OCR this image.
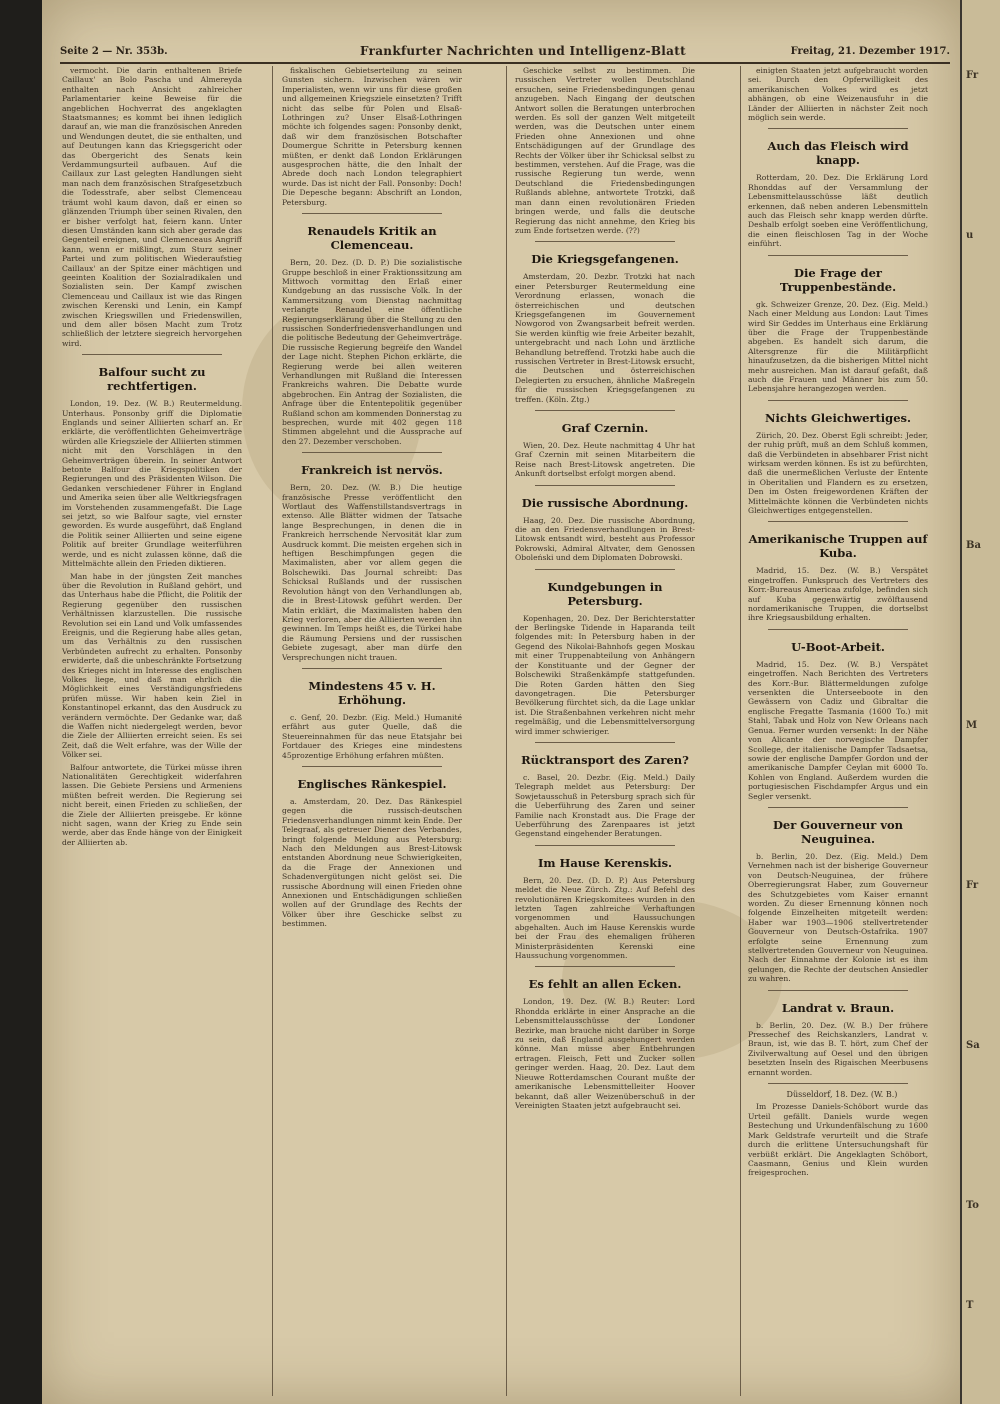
Fr
u
Ba
M
Fr
Sa
To
T
Seite 2 — Nr. 353b.	Frankfurter Nachrichten und Intelligenz-Blatt	Freitag, 21. Dezember 1917.

vermocht. Die darin enthaltenen Briefe Caillaux' an Bolo Pascha und Almereyda enthalten nach Ansicht zahlreicher Parlamentarier keine Beweise für die angeblichen Hochverrat des angeklagten Staatsmannes; es kommt bei ihnen lediglich darauf an, wie man die französischen Anreden und Wendungen deutet, die sie enthalten, und auf Deutungen kann das Kriegsgericht oder das Obergericht des Senats kein Verdammungsurteil aufbauen. Auf die Caillaux zur Last gelegten Handlungen sieht man nach dem französischen Strafgesetzbuch die Todesstrafe, aber selbst Clemenceau träumt wohl kaum davon, daß er einen so glänzenden Triumph über seinen Rivalen, den er bisher verfolgt hat, feiern kann. Unter diesen Umständen kann sich aber gerade das Gegenteil ereignen, und Clemenceaus Angriff kann, wenn er mißlingt, zum Sturz seiner Partei und zum politischen Wiederaufstieg Caillaux' an der Spitze einer mächtigen und geeinten Koalition der Sozialradikalen und Sozialisten sein. Der Kampf zwischen Clemenceau und Caillaux ist wie das Ringen zwischen Kerenski und Lenin, ein Kampf zwischen Kriegswillen und Friedenswillen, und dem aller bösen Macht zum Trotz schließlich der letztere siegreich hervorgehen wird.

Balfour sucht zu rechtfertigen.

London, 19. Dez. (W. B.) Reutermeldung. Unterhaus. Ponsonby griff die Diplomatie Englands und seiner Alliierten scharf an. Er erklärte, die veröffentlichten Geheimverträge würden alle Kriegsziele der Alliierten stimmen nicht mit den Vorschlägen in den Geheimverträgen überein. In seiner Antwort betonte Balfour die Kriegspolitiken der Regierungen und des Präsidenten Wilson. Die Gedanken verschiedener Führer in England und Amerika seien über alle Weltkriegsfragen im Vorstehenden zusammengefaßt. Die Lage sei jetzt, so wie Balfour sagte, viel ernster geworden. Es wurde ausgeführt, daß England die Politik seiner Alliierten und seine eigene Politik auf breiter Grundlage weiterführen werde, und es nicht zulassen könne, daß die Mittelmächte allein den Frieden diktieren.

Man habe in der jüngsten Zeit manches über die Revolution in Rußland gehört, und das Unterhaus habe die Pflicht, die Politik der Regierung gegenüber den russischen Verhältnissen klarzustellen. Die russische Revolution sei ein Land und Volk umfassendes Ereignis, und die Regierung habe alles getan, um das Verhältnis zu den russischen Verbündeten aufrecht zu erhalten. Ponsonby erwiderte, daß die unbeschränkte Fortsetzung des Krieges nicht im Interesse des englischen Volkes liege, und daß man ehrlich die Möglichkeit eines Verständigungsfriedens prüfen müsse. Wir haben kein Ziel in Konstantinopel erkannt, das den Ausdruck zu verändern vermöchte. Der Gedanke war, daß die Waffen nicht niedergelegt werden, bevor die Ziele der Alliierten erreicht seien. Es sei Zeit, daß die Welt erfahre, was der Wille der Völker sei.

Balfour antwortete, die Türkei müsse ihren Nationalitäten Gerechtigkeit widerfahren lassen. Die Gebiete Persiens und Armeniens müßten befreit werden. Die Regierung sei nicht bereit, einen Frieden zu schließen, der die Ziele der Alliierten preisgebe. Er könne nicht sagen, wann der Krieg zu Ende sein werde, aber das Ende hänge von der Einigkeit der Alliierten ab.

fiskalischen Gebietserteilung zu seinen Gunsten sichern. Inzwischen wären wir Imperialisten, wenn wir uns für diese großen und allgemeinen Kriegsziele einsetzten? Trifft nicht das selbe für Polen und Elsaß-Lothringen zu? Unser Elsaß-Lothringen möchte ich folgendes sagen: Ponsonby denkt, daß wir dem französischen Botschafter Doumergue Schritte in Petersburg kennen müßten, er denkt daß London Erklärungen ausgesprochen hätte, die den Inhalt der Abrede doch nach London telegraphiert wurde. Das ist nicht der Fall. Ponsonby: Doch! Die Depesche begann: Abschrift an London, Petersburg.

Renaudels Kritik an Clemenceau.

Bern, 20. Dez. (D. D. P.) Die sozialistische Gruppe beschloß in einer Fraktionssitzung am Mittwoch vormittag den Erlaß einer Kundgebung an das russische Volk. In der Kammersitzung vom Dienstag nachmittag verlangte Renaudel eine öffentliche Regierungserklärung über die Stellung zu den russischen Sonderfriedensverhandlungen und die politische Bedeutung der Geheimverträge. Die russische Regierung begreife den Wandel der Lage nicht. Stephen Pichon erklärte, die Regierung werde bei allen weiteren Verhandlungen mit Rußland die Interessen Frankreichs wahren. Die Debatte wurde abgebrochen. Ein Antrag der Sozialisten, die Anfrage über die Ententepolitik gegenüber Rußland schon am kommenden Donnerstag zu besprechen, wurde mit 402 gegen 118 Stimmen abgelehnt und die Aussprache auf den 27. Dezember verschoben.

Frankreich ist nervös.

Bern, 20. Dez. (W. B.) Die heutige französische Presse veröffentlicht den Wortlaut des Waffenstillstandsvertrags in extenso. Alle Blätter widmen der Tatsache lange Besprechungen, in denen die in Frankreich herrschende Nervosität klar zum Ausdruck kommt. Die meisten ergehen sich in heftigen Beschimpfungen gegen die Maximalisten, aber vor allem gegen die Bolschewiki. Das Journal schreibt: Das Schicksal Rußlands und der russischen Revolution hängt von den Verhandlungen ab, die in Brest-Litowsk geführt werden. Der Matin erklärt, die Maximalisten haben den Krieg verloren, aber die Alliierten werden ihn gewinnen. Im Temps heißt es, die Türkei habe die Räumung Persiens und der russischen Gebiete zugesagt, aber man dürfe den Versprechungen nicht trauen.

Mindestens 45 v. H. Erhöhung.

c. Genf, 20. Dezbr. (Eig. Meld.) Humanité erfährt aus guter Quelle, daß die Steuereinnahmen für das neue Etatsjahr bei Fortdauer des Krieges eine mindestens 45prozentige Erhöhung erfahren müßten.

Englisches Ränkespiel.

a. Amsterdam, 20. Dez. Das Ränkespiel gegen die russisch-deutschen Friedensverhandlungen nimmt kein Ende. Der Telegraaf, als getreuer Diener des Verbandes, bringt folgende Meldung aus Petersburg: Nach den Meldungen aus Brest-Litowsk entstanden Abordnung neue Schwierigkeiten, da die Frage der Annexionen und Schadenvergütungen nicht gelöst sei. Die russische Abordnung will einen Frieden ohne Annexionen und Entschädigungen schließen wollen auf der Grundlage des Rechts der Völker über ihre Geschicke selbst zu bestimmen.

Geschicke selbst zu bestimmen. Die russischen Vertreter wollen Deutschland ersuchen, seine Friedensbedingungen genau anzugeben. Nach Eingang der deutschen Antwort sollen die Beratungen unterbrochen werden. Es soll der ganzen Welt mitgeteilt werden, was die Deutschen unter einem Frieden ohne Annexionen und ohne Entschädigungen auf der Grundlage des Rechts der Völker über ihr Schicksal selbst zu bestimmen, verstehen. Auf die Frage, was die russische Regierung tun werde, wenn Deutschland die Friedensbedingungen Rußlands ablehne, antwortete Trotzki, daß man dann einen revolutionären Frieden bringen werde, und falls die deutsche Regierung das nicht annehme, den Krieg bis zum Ende fortsetzen werde. (??)

Die Kriegsgefangenen.

Amsterdam, 20. Dezbr. Trotzki hat nach einer Petersburger Reutermeldung eine Verordnung erlassen, wonach die österreichischen und deutschen Kriegsgefangenen im Gouvernement Nowgorod von Zwangsarbeit befreit werden. Sie werden künftig wie freie Arbeiter bezahlt, untergebracht und nach Lohn und ärztliche Behandlung betreffend. Trotzki habe auch die russischen Vertreter in Brest-Litowsk ersucht, die Deutschen und österreichischen Delegierten zu ersuchen, ähnliche Maßregeln für die russischen Kriegsgefangenen zu treffen. (Köln. Ztg.)

Graf Czernin.

Wien, 20. Dez. Heute nachmittag 4 Uhr hat Graf Czernin mit seinen Mitarbeitern die Reise nach Brest-Litowsk angetreten. Die Ankunft dortselbst erfolgt morgen abend.

Die russische Abordnung.

Haag, 20. Dez. Die russische Abordnung, die an den Friedensverhandlungen in Brest-Litowsk entsandt wird, besteht aus Professor Pokrowski, Admiral Altvater, dem Genossen Oboleński und dem Diplomaten Dobrowski.

Kundgebungen in Petersburg.

Kopenhagen, 20. Dez. Der Berichterstatter der Berlingske Tidende in Haparanda teilt folgendes mit: In Petersburg haben in der Gegend des Nikolai-Bahnhofs gegen Moskau mit einer Truppenabteilung von Anhängern der Konstituante und der Gegner der Bolschewiki Straßenkämpfe stattgefunden. Die Roten Garden hätten den Sieg davongetragen. Die Petersburger Bevölkerung fürchtet sich, da die Lage unklar ist. Die Straßenbahnen verkehren nicht mehr regelmäßig, und die Lebensmittelversorgung wird immer schwieriger.

Rücktransport des Zaren?

c. Basel, 20. Dezbr. (Eig. Meld.) Daily Telegraph meldet aus Petersburg: Der Sowjetausschuß in Petersburg sprach sich für die Ueberführung des Zaren und seiner Familie nach Kronstadt aus. Die Frage der Ueberführung des Zarenpaares ist jetzt Gegenstand eingehender Beratungen.

Im Hause Kerenskis.

Bern, 20. Dez. (D. D. P.) Aus Petersburg meldet die Neue Zürch. Ztg.: Auf Befehl des revolutionären Kriegskomitees wurden in den letzten Tagen zahlreiche Verhaftungen vorgenommen und Haussuchungen abgehalten. Auch im Hause Kerenskis wurde bei der Frau des ehemaligen früheren Ministerpräsidenten Kerenski eine Haussuchung vorgenommen.

Es fehlt an allen Ecken.

London, 19. Dez. (W. B.) Reuter: Lord Rhondda erklärte in einer Ansprache an die Lebensmittelausschüsse der Londoner Bezirke, man brauche nicht darüber in Sorge zu sein, daß England ausgehungert werden könne. Man müsse aber Entbehrungen ertragen. Fleisch, Fett und Zucker sollen geringer werden. Haag, 20. Dez. Laut dem Nieuwe Rotterdamschen Courant mußte der amerikanische Lebensmittelleiter Hoover bekannt, daß aller Weizenüberschuß in der Vereinigten Staaten jetzt aufgebraucht sei.

einigten Staaten jetzt aufgebraucht worden sei. Durch den Opferwilligkeit des amerikanischen Volkes wird es jetzt abhängen, ob eine Weizenausfuhr in die Länder der Alliierten in nächster Zeit noch möglich sein werde.

Auch das Fleisch wird knapp.

Rotterdam, 20. Dez. Die Erklärung Lord Rhonddas auf der Versammlung der Lebensmittelausschüsse läßt deutlich erkennen, daß neben anderen Lebensmitteln auch das Fleisch sehr knapp werden dürfte. Deshalb erfolgt soeben eine Veröffentlichung, die einen fleischlosen Tag in der Woche einführt.

Die Frage der Truppenbestände.

gk. Schweizer Grenze, 20. Dez. (Eig. Meld.) Nach einer Meldung aus London: Laut Times wird Sir Geddes im Unterhaus eine Erklärung über die Frage der Truppenbestände abgeben. Es handelt sich darum, die Altersgrenze für die Militärpflicht hinaufzusetzen, da die bisherigen Mittel nicht mehr ausreichen. Man ist darauf gefaßt, daß auch die Frauen und Männer bis zum 50. Lebensjahre herangezogen werden.

Nichts Gleichwertiges.

Zürich, 20. Dez. Oberst Egli schreibt: Jeder, der ruhig prüft, muß an dem Schluß kommen, daß die Verbündeten in absehbarer Frist nicht wirksam werden können. Es ist zu befürchten, daß die unermeßlichen Verluste der Entente in Oberitalien und Flandern es zu ersetzen, Den im Osten freigewordenen Kräften der Mittelmächte können die Verbündeten nichts Gleichwertiges entgegenstellen.

Amerikanische Truppen auf Kuba.

Madrid, 15. Dez. (W. B.) Verspätet eingetroffen. Funkspruch des Vertreters des Korr.-Bureaus Americaa zufolge, befinden sich auf Kuba gegenwärtig zwölftausend nordamerikanische Truppen, die dortselbst ihre Kriegsausbildung erhalten.

U-Boot-Arbeit.

Madrid, 15. Dez. (W. B.) Verspätet eingetroffen. Nach Berichten des Vertreters des Korr.-Bur. Blättermeldungen zufolge versenkten die Unterseeboote in den Gewässern von Cadiz und Gibraltar die englische Fregatte Tasmania (1600 To.) mit Stahl, Tabak und Holz von New Orleans nach Genua. Ferner wurden versenkt: In der Nähe von Alicante der norwegische Dampfer Scollege, der italienische Dampfer Tadsaetsa, sowie der englische Dampfer Gordon und der amerikanische Dampfer Ceylan mit 6000 To. Kohlen von England. Außerdem wurden die portugiesischen Fischdampfer Argus und ein Segler versenkt.

Der Gouverneur von Neuguinea.

b. Berlin, 20. Dez. (Eig. Meld.) Dem Vernehmen nach ist der bisherige Gouverneur von Deutsch-Neuguinea, der frühere Oberregierungsrat Haber, zum Gouverneur des Schutzgebietes vom Kaiser ernannt worden. Zu dieser Ernennung können noch folgende Einzelheiten mitgeteilt werden: Haber war 1903—1906 stellvertretender Gouverneur von Deutsch-Ostafrika. 1907 erfolgte seine Ernennung zum stellvertretenden Gouverneur von Neuguinea. Nach der Einnahme der Kolonie ist es ihm gelungen, die Rechte der deutschen Ansiedler zu wahren.

Landrat v. Braun.

b. Berlin, 20. Dez. (W. B.) Der frühere Pressechef des Reichskanzlers, Landrat v. Braun, ist, wie das B. T. hört, zum Chef der Zivilverwaltung auf Oesel und den übrigen besetzten Inseln des Rigaischen Meerbusens ernannt worden.

Düsseldorf, 18. Dez. (W. B.)

Im Prozesse Daniels-Schöbort wurde das Urteil gefällt. Daniels wurde wegen Bestechung und Urkundenfälschung zu 1600 Mark Geldstrafe verurteilt und die Strafe durch die erlittene Untersuchungshaft für verbüßt erklärt. Die Angeklagten Schöbort, Caasmann, Genius und Klein wurden freigesprochen.
